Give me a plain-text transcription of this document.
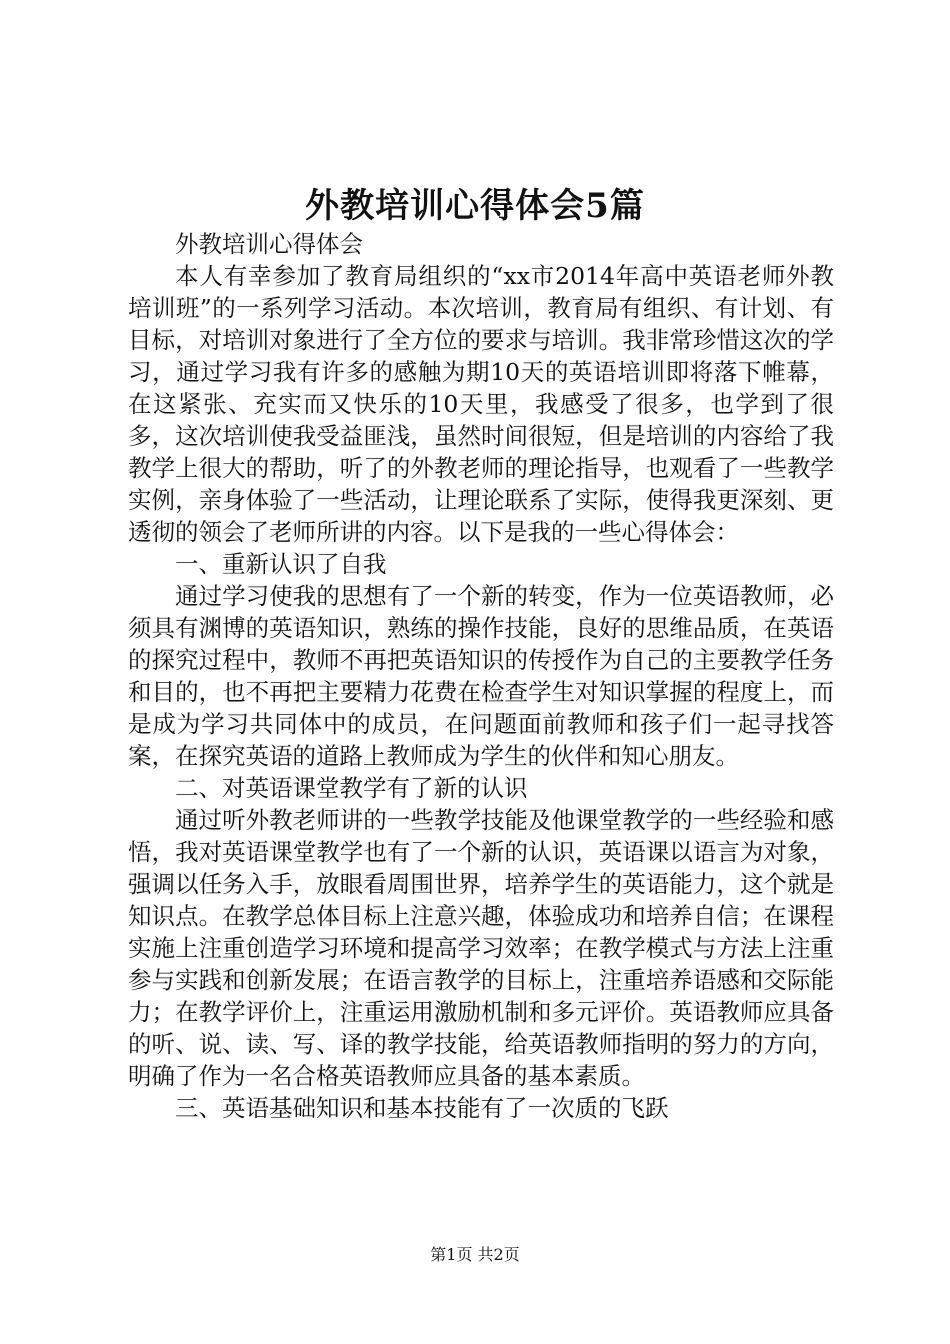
外教培训心得体会5篇

外教培训心得体会

本人有幸参加了教育局组织的“xx市2014年高中英语老师外教培训班”的一系列学习活动。本次培训，教育局有组织、有计划、有目标，对培训对象进行了全方位的要求与培训。我非常珍惜这次的学习，通过学习我有许多的感触为期10天的英语培训即将落下帷幕，在这紧张、充实而又快乐的10天里，我感受了很多，也学到了很多，这次培训使我受益匪浅，虽然时间很短，但是培训的内容给了我教学上很大的帮助，听了的外教老师的理论指导，也观看了一些教学实例，亲身体验了一些活动，让理论联系了实际，使得我更深刻、更透彻的领会了老师所讲的内容。以下是我的一些心得体会：

一、重新认识了自我

通过学习使我的思想有了一个新的转变，作为一位英语教师，必须具有渊博的英语知识，熟练的操作技能，良好的思维品质，在英语的探究过程中，教师不再把英语知识的传授作为自己的主要教学任务和目的，也不再把主要精力花费在检查学生对知识掌握的程度上，而是成为学习共同体中的成员，在问题面前教师和孩子们一起寻找答案，在探究英语的道路上教师成为学生的伙伴和知心朋友。

二、对英语课堂教学有了新的认识

通过听外教老师讲的一些教学技能及他课堂教学的一些经验和感悟，我对英语课堂教学也有了一个新的认识，英语课以语言为对象，强调以任务入手，放眼看周围世界，培养学生的英语能力，这个就是知识点。在教学总体目标上注意兴趣，体验成功和培养自信；在课程实施上注重创造学习环境和提高学习效率；在教学模式与方法上注重参与实践和创新发展；在语言教学的目标上，注重培养语感和交际能力；在教学评价上，注重运用激励机制和多元评价。英语教师应具备的听、说、读、写、译的教学技能，给英语教师指明的努力的方向，明确了作为一名合格英语教师应具备的基本素质。

三、英语基础知识和基本技能有了一次质的飞跃

第1页 共2页
